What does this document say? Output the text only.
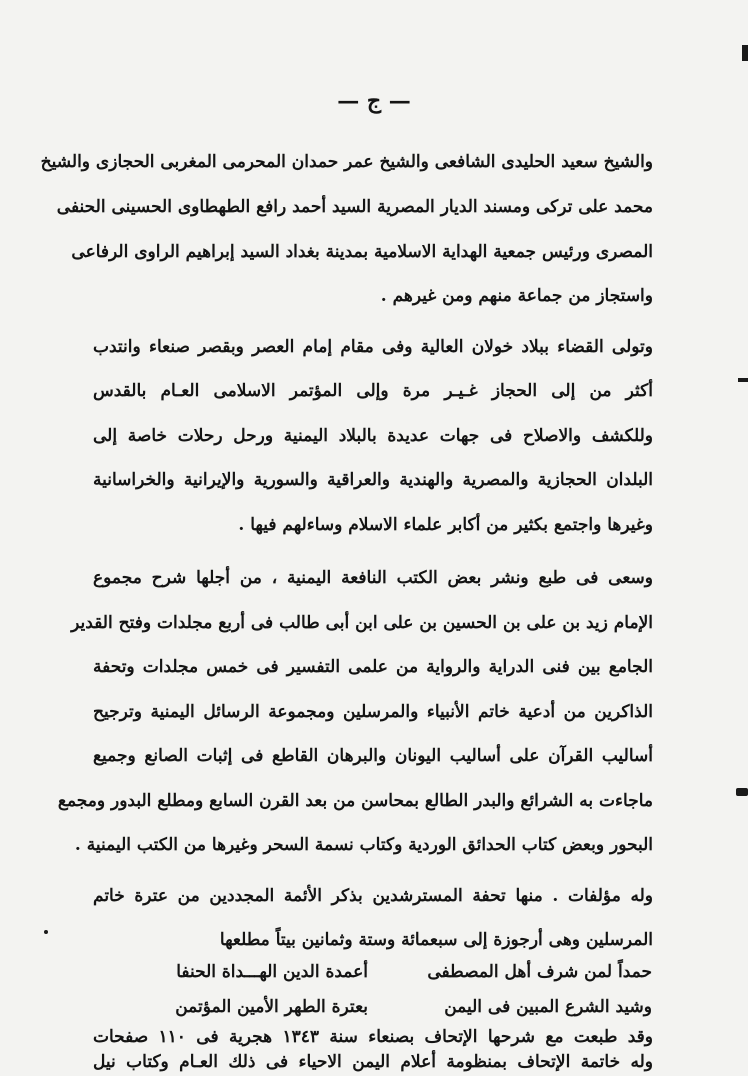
— ج —
والشيخ سعيد الحليدى الشافعى والشيخ عمر حمدان المحرمى المغربى الحجازى والشيخ
محمد على تركى ومسند الديار المصرية السيد أحمد رافع الطهطاوى الحسينى الحنفى
المصرى ورئيس جمعية الهداية الاسلامية بمدينة بغداد السيد إبراهيم الراوى الرفاعى
واستجاز من جماعة منهم ومن غيرهم .
وتولى القضاء ببلاد خولان العالية وفى مقام إمام العصر وبقصر صنعاء وانتدب
أكثر من إلى الحجاز غـيـر مرة وإلى المؤتمر الاسلامى العـام بالقدس
وللكشف والاصلاح فى جهات عديدة بالبلاد اليمنية ورحل رحلات خاصة إلى
البلدان الحجازية والمصرية والهندية والعراقية والسورية والإيرانية والخراسانية
وغيرها واجتمع بكثير من أكابر علماء الاسلام وساءلهم فيها .
وسعى فى طبع ونشر بعض الكتب النافعة اليمنية ، من أجلها شرح مجموع
الإمام زيد بن على بن الحسين بن على ابن أبى طالب فى أربع مجلدات وفتح القدير
الجامع بين فنى الدراية والرواية من علمى التفسير فى خمس مجلدات وتحفة
الذاكرين من أدعية خاتم الأنبياء والمرسلين ومجموعة الرسائل اليمنية وترجيح
أساليب القرآن على أساليب اليونان والبرهان القاطع فى إثبات الصانع وجميع
ماجاءت به الشرائع والبدر الطالع بمحاسن من بعد القرن السابع ومطلع البدور ومجمع
البحور وبعض كتاب الحدائق الوردية وكتاب نسمة السحر وغيرها من الكتب اليمنية .
وله مؤلفات . منها تحفة المسترشدين بذكر الأئمة المجددين من عترة خاتم
المرسلين وهى أرجوزة إلى سبعمائة وستة وثمانين بيتاً مطلعها
حمداً لمن شرف أهل المصطفى
أعمدة الدين الهـــداة الحنفا
وشيد الشرع المبين فى اليمن
بعترة الطهر الأمين المؤتمن
وقد طبعت مع شرحها الإتحاف بصنعاء سنة ١٣٤٣ هجرية فى ١١٠ صفحات
وله خاتمة الإتحاف بمنظومة أعلام اليمن الاحياء فى ذلك العـام وكتاب نيل
